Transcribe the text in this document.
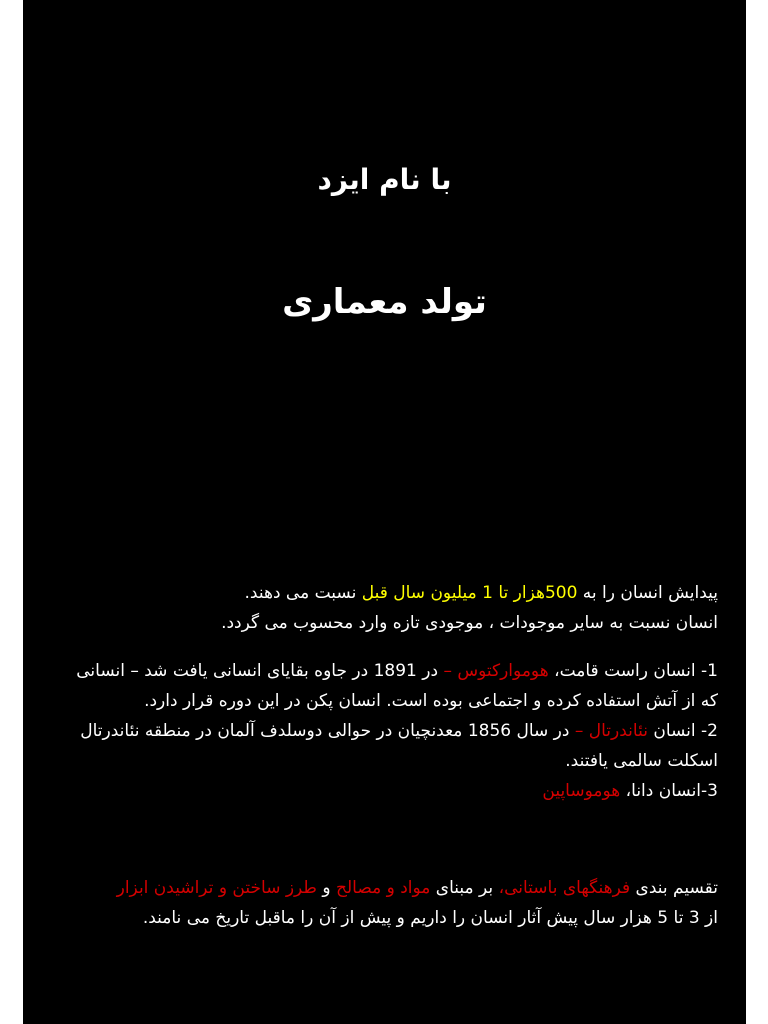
با نام ایزد
تولد معماری

پیدایش انسان را به 500هزار تا 1 میلیون سال قبل نسبت می دهند.
انسان نسبت به سایر موجودات ، موجودی تازه وارد محسوب می گردد.

1- انسان راست قامت، هوموارکتوس – در 1891 در جاوه بقایای انسانی یافت شد – انسانی که از آتش استفاده کرده و اجتماعی بوده است. انسان پکن در این دوره قرار دارد.
2- انسان نئاندرتال – در سال 1856 معدنچیان در حوالی دوسلدف آلمان در منطقه نئاندرتال اسکلت سالمی یافتند.
3-انسان دانا، هوموساپین

تقسیم بندی فرهنگهای باستانی، بر مبنای مواد و مصالح و طرز ساختن و تراشیدن ابزار
از 3 تا 5 هزار سال پیش آثار انسان را داریم و پیش از آن را ماقبل تاریخ می نامند.
